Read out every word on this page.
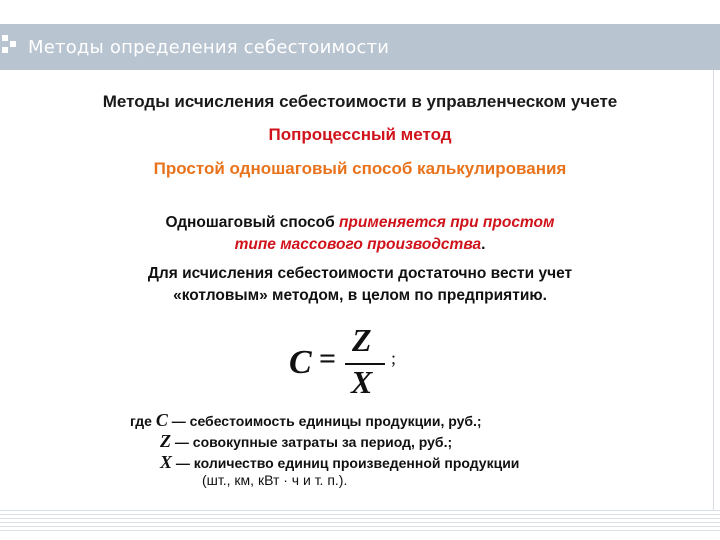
Методы определения себестоимости
Методы исчисления себестоимости в управленческом учете
Попроцессный метод
Простой одношаговый способ калькулирования
Одношаговый способ применяется при простом
типе массового производства.
Для исчисления себестоимости достаточно вести учет
«котловым» методом, в целом по предприятию.
C =
Z
X
;
где C — себестоимость единицы продукции, руб.;
Z — совокупные затраты за период, руб.;
X — количество единиц произведенной продукции
(шт., км, кВт · ч и т. п.).
